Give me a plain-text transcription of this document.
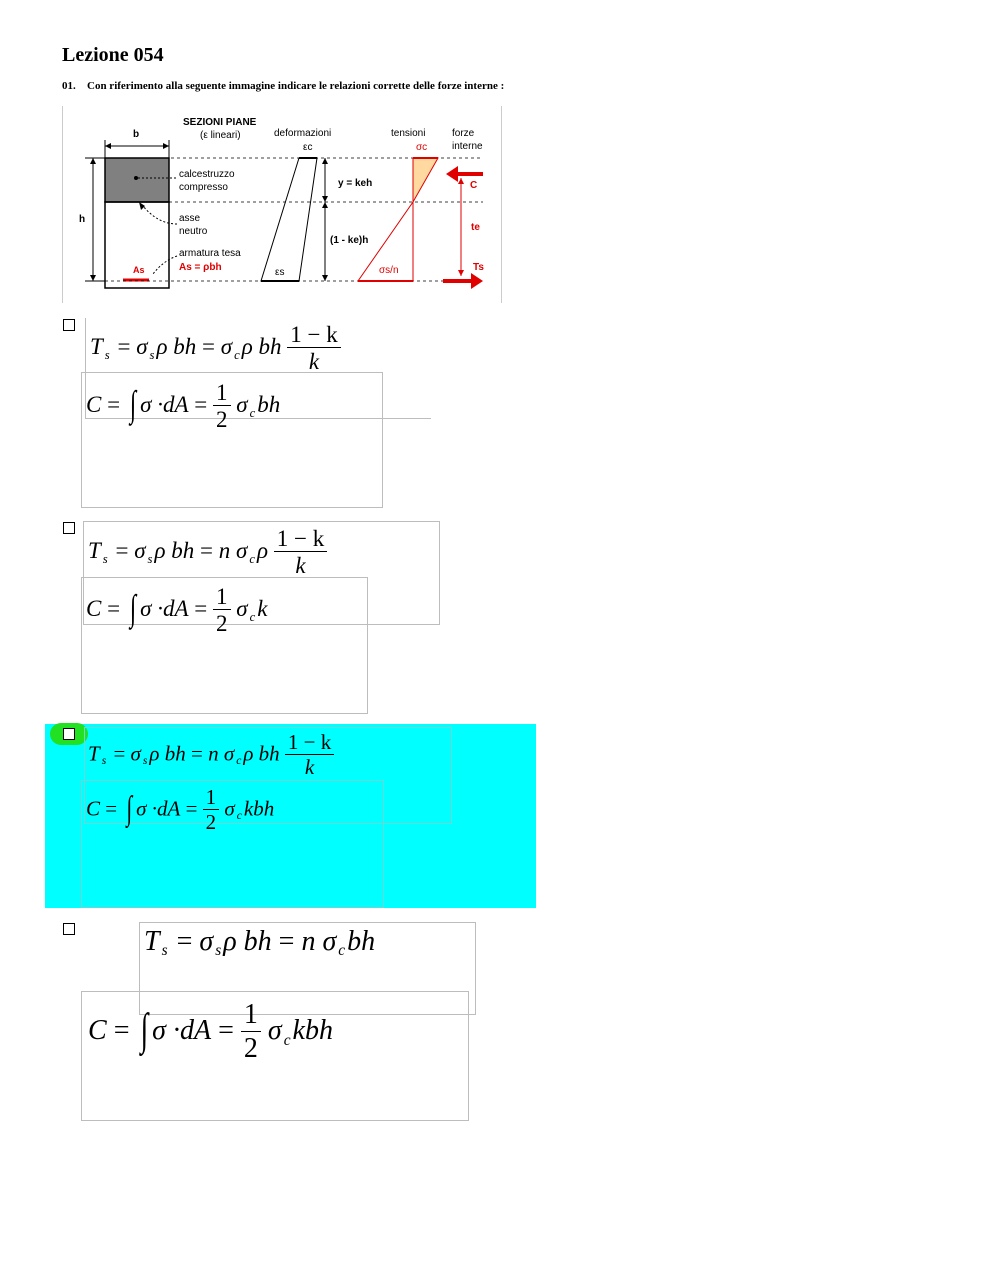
Lezione 054
01. Con riferimento alla seguente immagine indicare le relazioni corrette delle forze interne :
b
h
SEZIONI PIANE
(ε lineari)	deformazioni	tensioni	forze
interne
calcestruzzo
compresso
asse
neutro
armatura tesa
As = ρbh
As
εc
εs
y = keh
(1 - ke)h
σc
σs/n
C
Ts
te
Ts = σ sρ bh = σ cρ bh $\frac{1 - k}{k}$
C = ∫ $\sigma \cdot dA = \frac{1}{2}$ σ cbh
Ts = σ sρ bh = n σ cρ $\frac{1 - k}{k}$
C = ∫ $\sigma \cdot dA = \frac{1}{2}$ σ ck
Ts = σ sρ bh = n σ cρ bh $\frac{1 - k}{k}$
C = ∫ $\sigma \cdot dA = \frac{1}{2}$ σ ckbh
Ts = σ sρ bh = n σ cbh
C = ∫ $\sigma \cdot dA = \frac{1}{2}$ σ ckbh
